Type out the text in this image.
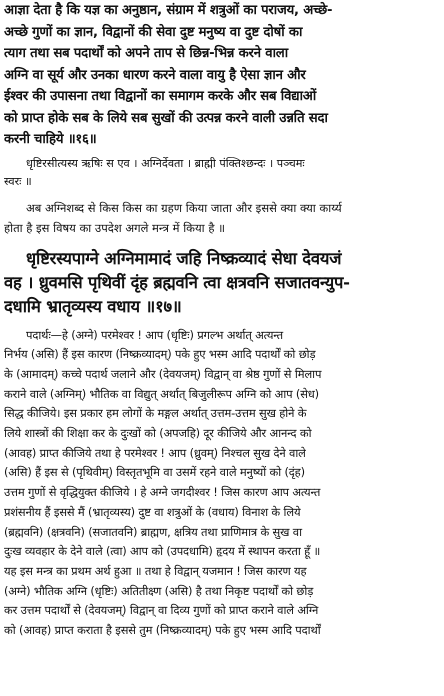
आज्ञा देता है कि यज्ञ का अनुष्ठान, संग्राम में शत्रुओं का पराजय, अच्छे-
अच्छे गुणों का ज्ञान, विद्वानों की सेवा दुष्ट मनुष्य वा दुष्ट दोषों का
त्याग तथा सब पदार्थों को अपने ताप से छिन्न-भिन्न करने वाला
अग्नि वा सूर्य और उनका धारण करने वाला वायु है ऐसा ज्ञान और
ईश्वर की उपासना तथा विद्वानों का समागम करके और सब विद्याओं
को प्राप्त होके सब के लिये सब सुखों की उत्पन्न करने वाली उन्नति सदा
करनी चाहिये ॥१६॥
धृष्टिरसीत्यस्य ऋषिः स एव । अग्निर्देवता । ब्राह्मी पंक्तिश्छन्दः । पञ्चमः
स्वरः ॥
अब अग्निशब्द से किस किस का ग्रहण किया जाता और इससे क्या क्या कार्य्य
होता है इस विषय का उपदेश अगले मन्त्र में किया है ॥
धृष्टिरस्यपाग्ने अग्निमामादं जहि निष्क्रव्यादं सेधा देवयजं
वह । ध्रुवमसि पृथिवीं दृंह ब्रह्मवनि त्वा क्षत्रवनि सजातवन्युप-
दधामि भ्रातृव्यस्य वधाय ॥१७॥
पदार्थः—हे (अग्ने) परमेश्वर ! आप (धृष्टिः) प्रगल्भ अर्थात् अत्यन्त
निर्भय (असि) हैं इस कारण (निष्क्रव्यादम्) पके हुए भस्म आदि पदार्थों को छोड़
के (आमादम्) कच्चे पदार्थ जलाने और (देवयजम्) विद्वान् वा श्रेष्ठ गुणों से मिलाप
कराने वाले (अग्निम्) भौतिक वा विद्युत् अर्थात् बिजुलीरूप अग्नि को आप (सेध)
सिद्ध कीजिये। इस प्रकार हम लोगों के मङ्गल अर्थात् उत्तम-उत्तम सुख होने के
लिये शास्त्रों की शिक्षा कर के दुःखों को (अपजहि) दूर कीजिये और आनन्द को
(आवह) प्राप्त कीजिये तथा हे परमेश्वर ! आप (ध्रुवम्) निश्चल सुख देने वाले
(असि) हैं इस से (पृथिवीम्) विस्तृतभूमि वा उसमें रहने वाले मनुष्यों को (दृंह)
उत्तम गुणों से वृद्धियुक्त कीजिये । हे अग्ने जगदीश्वर ! जिस कारण आप अत्यन्त
प्रशंसनीय हैं इससे मैं (भ्रातृव्यस्य) दुष्ट वा शत्रुओं के (वधाय) विनाश के लिये
(ब्रह्मवनि) (क्षत्रवनि) (सजातवनि) ब्राह्मण, क्षत्रिय तथा प्राणिमात्र के सुख वा
दुःख व्यवहार के देने वाले (त्वा) आप को (उपदधामि) हृदय में स्थापन करता हूँ ॥
यह इस मन्त्र का प्रथम अर्थ हुआ ॥ तथा हे विद्वान् यजमान ! जिस कारण यह
(अग्ने) भौतिक अग्नि (धृष्टिः) अतितीक्ष्ण (असि) है तथा निकृष्ट पदार्थों को छोड़
कर उत्तम पदार्थों से (देवयजम्) विद्वान् वा दिव्य गुणों को प्राप्त कराने वाले अग्नि
को (आवह) प्राप्त कराता है इससे तुम (निष्क्रव्यादम्) पके हुए भस्म आदि पदार्थों
